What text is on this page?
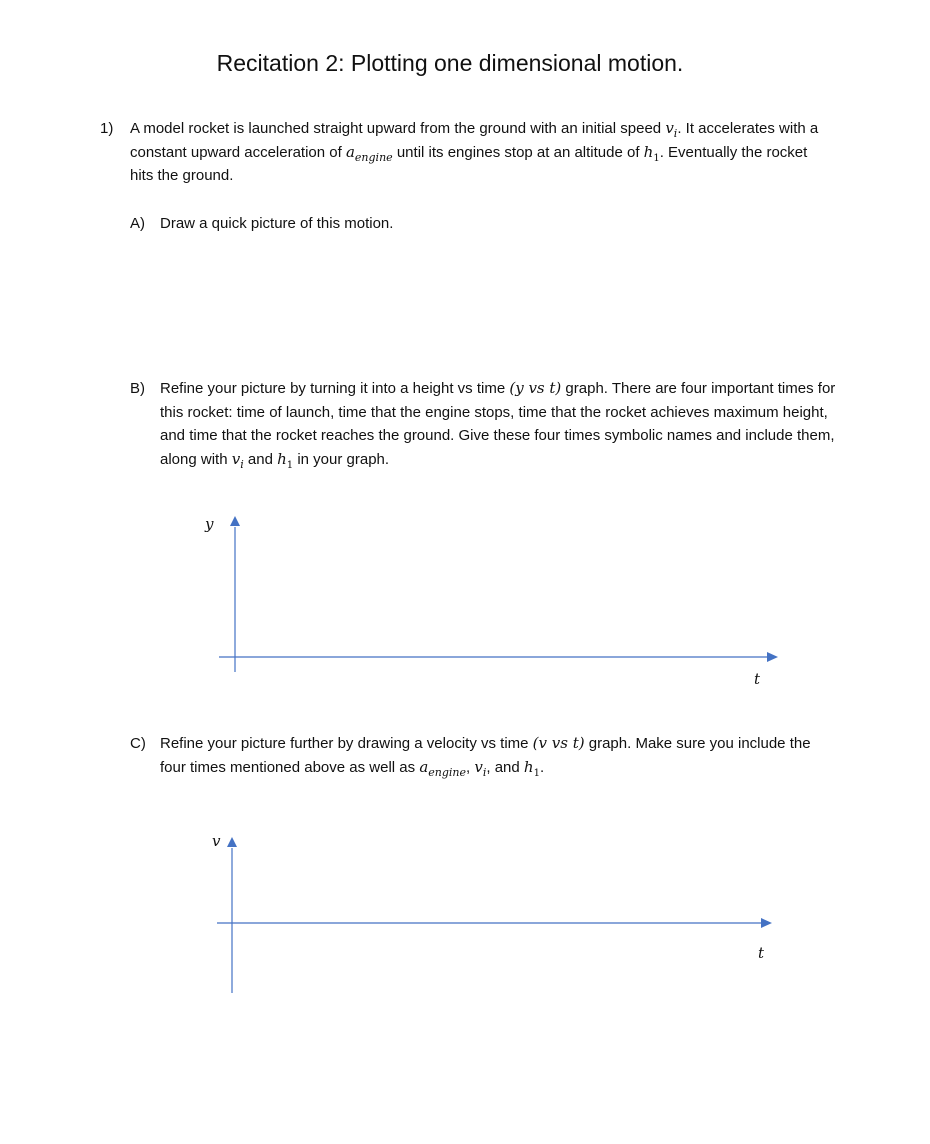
Recitation 2: Plotting one dimensional motion.
1) A model rocket is launched straight upward from the ground with an initial speed $v_i$. It accelerates with a constant upward acceleration of $a_{engine}$ until its engines stop at an altitude of $h_1$. Eventually the rocket hits the ground.

A) Draw a quick picture of this motion.

B) Refine your picture by turning it into a height vs time (y vs t) graph. There are four important times for this rocket: time of launch, time that the engine stops, time that the rocket achieves maximum height, and time that the rocket reaches the ground. Give these four times symbolic names and include them, along with $v_i$ and $h_1$ in your graph.

y
t
C) Refine your picture further by drawing a velocity vs time (v vs t) graph. Make sure you include the four times mentioned above as well as $a_{engine}$, $v_i$, and $h_1$.

v
t
